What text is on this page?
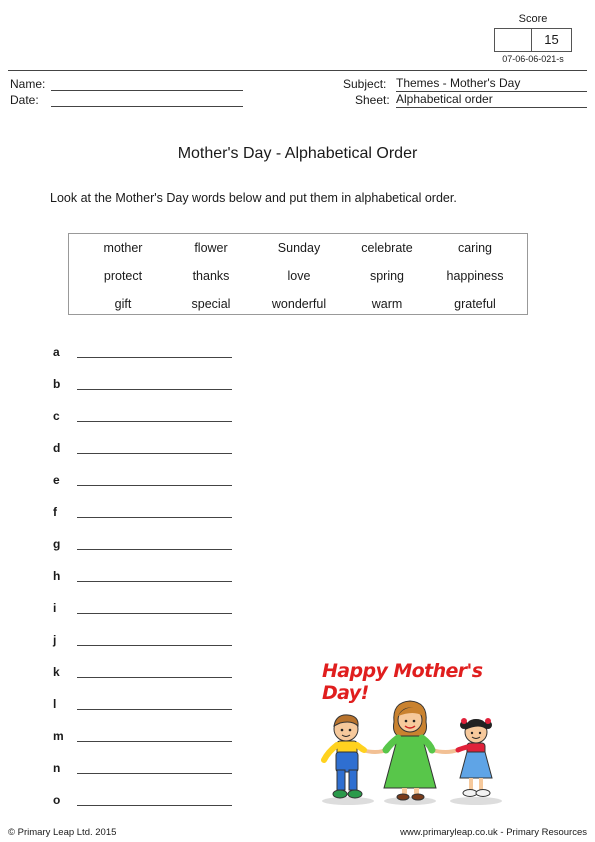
Score
15
07-06-06-021-s
Name:
Date:
Subject: Themes - Mother's Day
Sheet: Alphabetical order
Mother's Day - Alphabetical Order
Look at the Mother's Day words below and put them in alphabetical order.
mother	flower	Sunday	celebrate	caring
protect	thanks	love	spring	happiness
gift	special	wonderful	warm	grateful
a
b
c
d
e
f
g
h
i
j
k
l
m
n
o
Happy Mother's Day!
© Primary Leap Ltd. 2015	www.primaryleap.co.uk - Primary Resources
